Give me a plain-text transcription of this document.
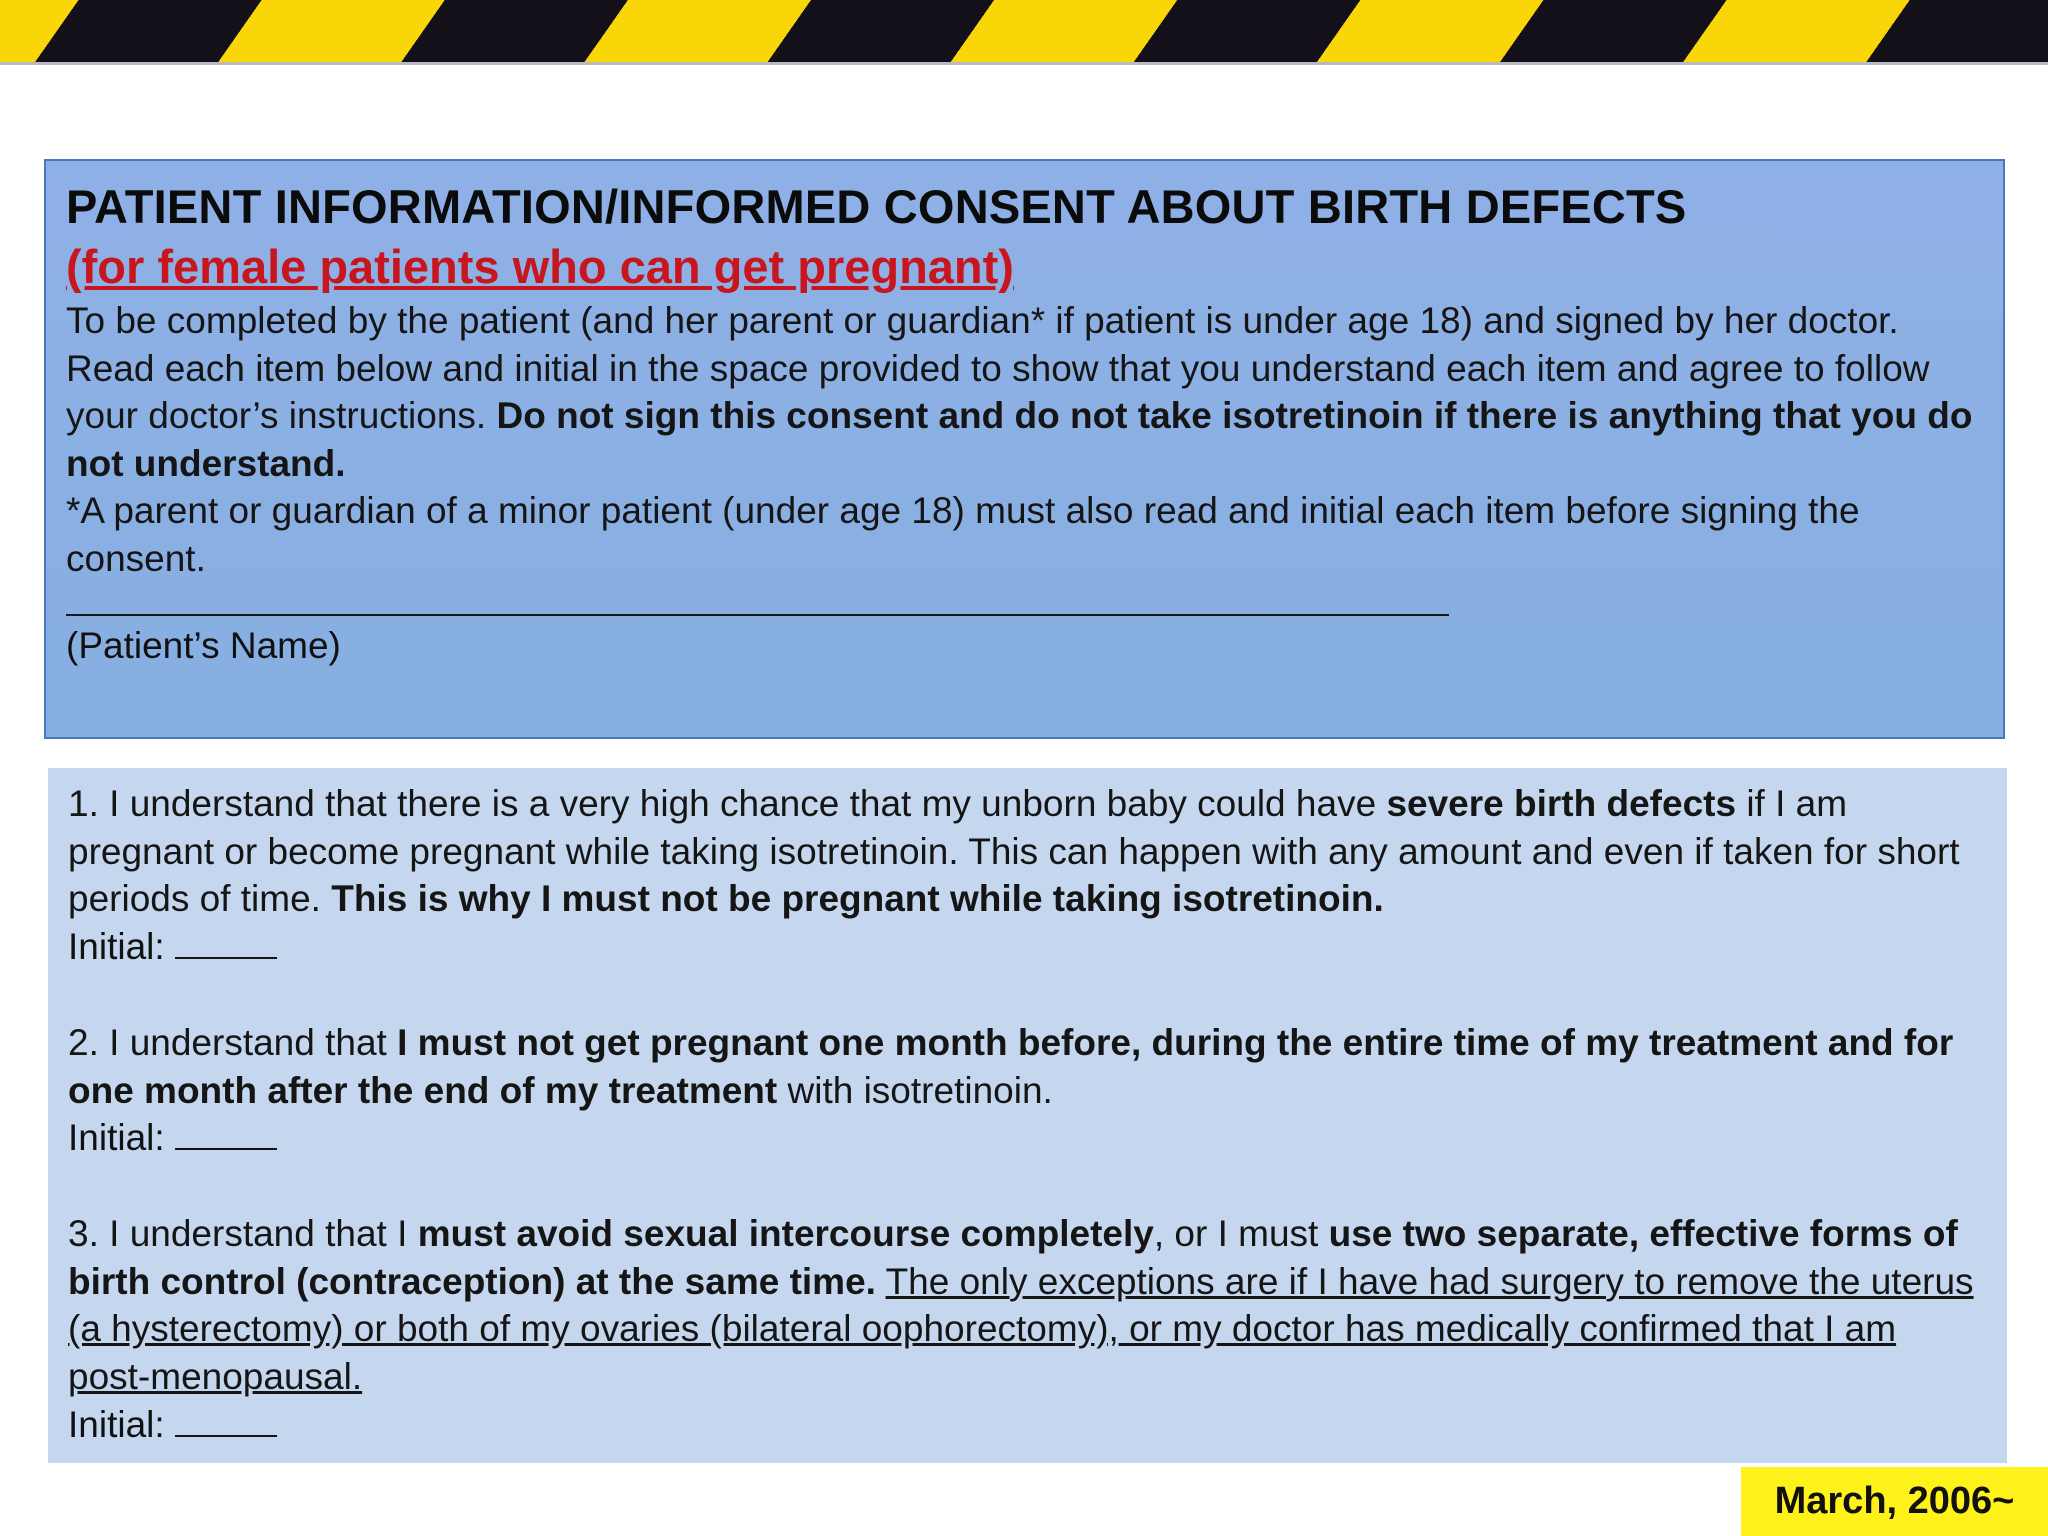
PATIENT INFORMATION/INFORMED CONSENT ABOUT BIRTH DEFECTS
(for female patients who can get pregnant)
To be completed by the patient (and her parent or guardian* if patient is under age 18) and signed by her doctor.
Read each item below and initial in the space provided to show that you understand each item and agree to follow your doctor’s instructions. Do not sign this consent and do not take isotretinoin if there is anything that you do not understand.
*A parent or guardian of a minor patient (under age 18) must also read and initial each item before signing the consent.
(Patient’s Name)
1. I understand that there is a very high chance that my unborn baby could have severe birth defects if I am pregnant or become pregnant while taking isotretinoin. This can happen with any amount and even if taken for short periods of time. This is why I must not be pregnant while taking isotretinoin.
Initial:
2. I understand that I must not get pregnant one month before, during the entire time of my treatment and for one month after the end of my treatment with isotretinoin.
Initial:
3. I understand that I must avoid sexual intercourse completely, or I must use two separate, effective forms of birth control (contraception) at the same time. The only exceptions are if I have had surgery to remove the uterus (a hysterectomy) or both of my ovaries (bilateral oophorectomy), or my doctor has medically confirmed that I am post-menopausal.
Initial:
March, 2006~
